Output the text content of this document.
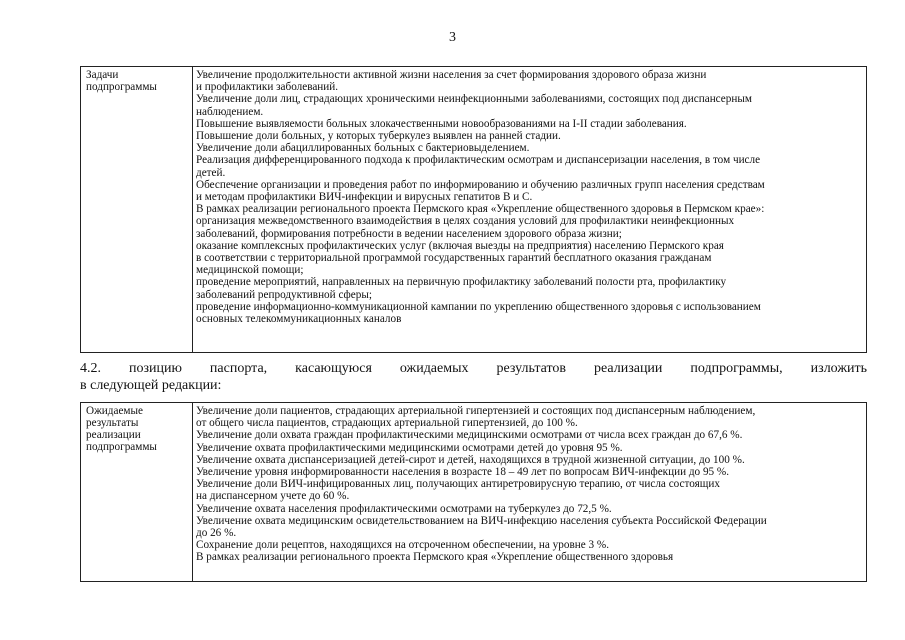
3
Задачи
подпрограммы
Увеличение продолжительности активной жизни населения за счет формирования здорового образа жизни
и профилактики заболеваний.
Увеличение доли лиц, страдающих хроническими неинфекционными заболеваниями, состоящих под диспансерным
наблюдением.
Повышение выявляемости больных злокачественными новообразованиями на I-II стадии заболевания.
Повышение доли больных, у которых туберкулез выявлен на ранней стадии.
Увеличение доли абациллированных больных с бактериовыделением.
Реализация дифференцированного подхода к профилактическим осмотрам и диспансеризации населения, в том числе
детей.
Обеспечение организации и проведения работ по информированию и обучению различных групп населения средствам
и методам профилактики ВИЧ-инфекции и вирусных гепатитов В и С.
В рамках реализации регионального проекта Пермского края «Укрепление общественного здоровья в Пермском крае»:
организация межведомственного взаимодействия в целях создания условий для профилактики неинфекционных
заболеваний, формирования потребности в ведении населением здорового образа жизни;
оказание комплексных профилактических услуг (включая выезды на предприятия) населению Пермского края
в соответствии с территориальной программой государственных гарантий бесплатного оказания гражданам
медицинской помощи;
проведение мероприятий, направленных на первичную профилактику заболеваний полости рта, профилактику
заболеваний репродуктивной сферы;
проведение информационно-коммуникационной кампании по укреплению общественного здоровья с использованием
основных телекоммуникационных каналов
4.2. позицию паспорта, касающуюся ожидаемых результатов реализации подпрограммы, изложить
в следующей редакции:
Ожидаемые
результаты
реализации
подпрограммы
Увеличение доли пациентов, страдающих артериальной гипертензией и состоящих под диспансерным наблюдением,
от общего числа пациентов, страдающих артериальной гипертензией, до 100 %.
Увеличение доли охвата граждан профилактическими медицинскими осмотрами от числа всех граждан до 67,6 %.
Увеличение охвата профилактическими медицинскими осмотрами детей до уровня 95 %.
Увеличение охвата диспансеризацией детей-сирот и детей, находящихся в трудной жизненной ситуации, до 100 %.
Увеличение уровня информированности населения в возрасте 18 – 49 лет по вопросам ВИЧ-инфекции до 95 %.
Увеличение доли ВИЧ-инфицированных лиц, получающих антиретровирусную терапию, от числа состоящих
на диспансерном учете до 60 %.
Увеличение охвата населения профилактическими осмотрами на туберкулез до 72,5 %.
Увеличение охвата медицинским освидетельствованием на ВИЧ-инфекцию населения субъекта Российской Федерации
до 26 %.
Сохранение доли рецептов, находящихся на отсроченном обеспечении, на уровне 3 %.
В рамках реализации регионального проекта Пермского края «Укрепление общественного здоровья
